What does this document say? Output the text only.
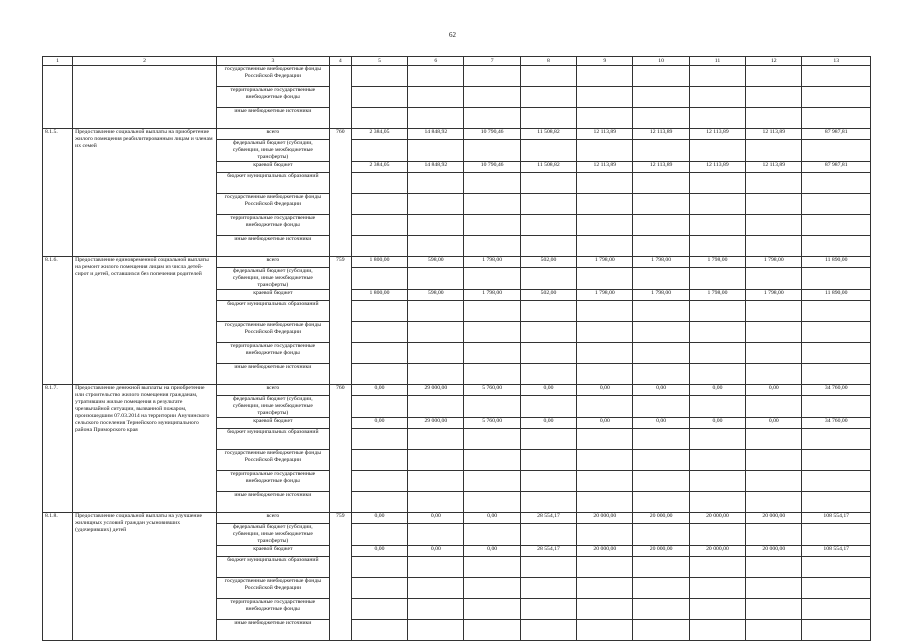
62
1	2	3	4	5	6	7	8	9	10	11	12	13
		государственные внебюджетные фонды Российской Федерации										
		территориальные государственные внебюджетные фонды										
		иные внебюджетные источники										
8.1.5.	Предоставление социальной выплаты на приобретение жилого помещения реабилитированным лицам и членам их семей	всего	760	2 384,05	14 848,92	10 790,46	11 508,82	12 113,89	12 113,89	12 113,89	12 113,89	87 987,81
		федеральный бюджет (субсидии, субвенции, иные межбюджетные трансферты)										
		краевой бюджет		2 384,05	14 848,92	10 790,46	11 508,82	12 113,89	12 113,89	12 113,89	12 113,89	87 987,81
		бюджет муниципальных образований										
		государственные внебюджетные фонды Российской Федерации										
		территориальные государственные внебюджетные фонды										
		иные внебюджетные источники										
8.1.6.	Предоставление единовременной социальной выплаты на ремонт жилого помещения лицам из числа детей-сирот и детей, оставшихся без попечения родителей	всего	759	1 800,00	598,00	1 798,00	502,00	1 798,00	1 798,00	1 798,00	1 798,00	11 890,00
		федеральный бюджет (субсидии, субвенции, иные межбюджетные трансферты)										
		краевой бюджет		1 800,00	598,00	1 798,00	502,00	1 798,00	1 798,00	1 798,00	1 798,00	11 890,00
		бюджет муниципальных образований										
		государственные внебюджетные фонды Российской Федерации										
		территориальные государственные внебюджетные фонды										
		иные внебюджетные источники										
8.1.7.	Предоставление денежной выплаты на приобретение или строительство жилого помещения гражданам, утратившим жилые помещения в результате чрезвычайной ситуации, вызванной пожаром, произошедшим 07.03.2014 на территории Анучинского сельского поселения Тернейского муниципального района Приморского края	всего	760	0,00	29 000,00	5 760,00	0,00	0,00	0,00	0,00	0,00	34 760,00
		федеральный бюджет (субсидии, субвенции, иные межбюджетные трансферты)										
		краевой бюджет		0,00	29 000,00	5 760,00	0,00	0,00	0,00	0,00	0,00	34 760,00
		бюджет муниципальных образований										
		государственные внебюджетные фонды Российской Федерации										
		территориальные государственные внебюджетные фонды										
		иные внебюджетные источники										
8.1.8.	Предоставление социальной выплаты на улучшение жилищных условий граждан усыновивших (удочеривших) детей	всего	759	0,00	0,00	0,00	28 554,17	20 000,00	20 000,00	20 000,00	20 000,00	108 554,17
		федеральный бюджет (субсидии, субвенции, иные межбюджетные трансферты)										
		краевой бюджет		0,00	0,00	0,00	28 554,17	20 000,00	20 000,00	20 000,00	20 000,00	108 554,17
		бюджет муниципальных образований										
		государственные внебюджетные фонды Российской Федерации										
		территориальные государственные внебюджетные фонды										
		иные внебюджетные источники										
